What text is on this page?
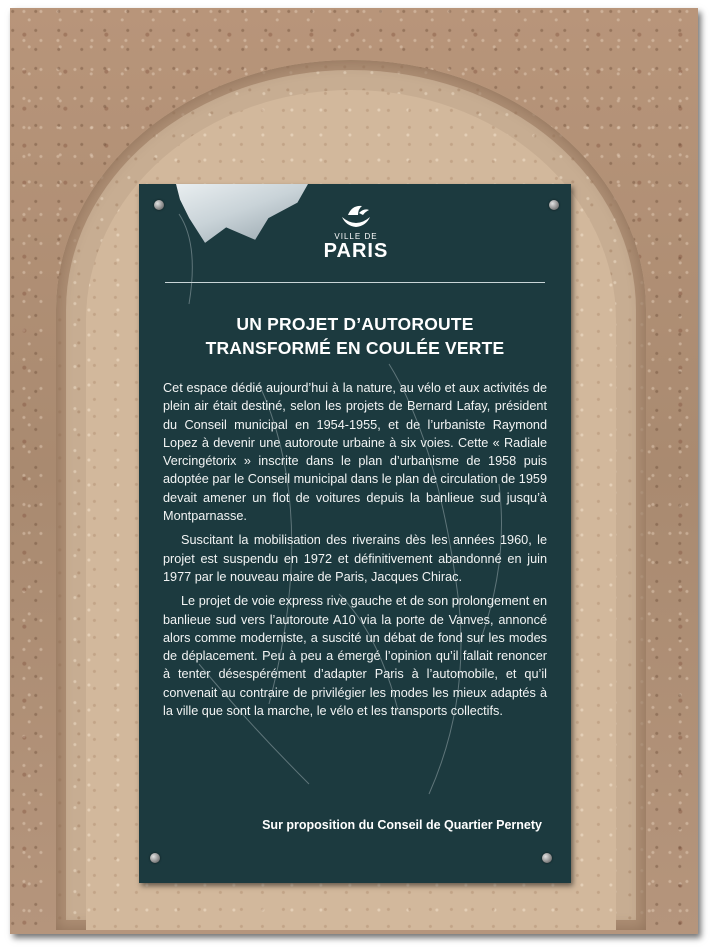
VILLE DE
PARIS
UN PROJET D’AUTOROUTE
TRANSFORMÉ EN COULÉE VERTE

Cet espace dédié aujourd’hui à la nature, au vélo et aux activités de plein air était destiné, selon les projets de Bernard Lafay, président du Conseil municipal en 1954-1955, et de l’urbaniste Raymond Lopez à devenir une autoroute urbaine à six voies. Cette « Radiale Vercingétorix » inscrite dans le plan d’urbanisme de 1958 puis adoptée par le Conseil municipal dans le plan de circulation de 1959 devait amener un flot de voitures depuis la banlieue sud jusqu’à Montparnasse.

Suscitant la mobilisation des riverains dès les années 1960, le projet est suspendu en 1972 et définitivement abandonné en juin 1977 par le nouveau maire de Paris, Jacques Chirac.

Le projet de voie express rive gauche et de son prolongement en banlieue sud vers l’autoroute A10 via la porte de Vanves, annoncé alors comme moderniste, a suscité un débat de fond sur les modes de déplacement. Peu à peu a émergé l’opinion qu’il fallait renoncer à tenter désespérément d’adapter Paris à l’automobile, et qu’il convenait au contraire de privilégier les modes les mieux adaptés à la ville que sont la marche, le vélo et les transports collectifs.

Sur proposition du Conseil de Quartier Pernety
